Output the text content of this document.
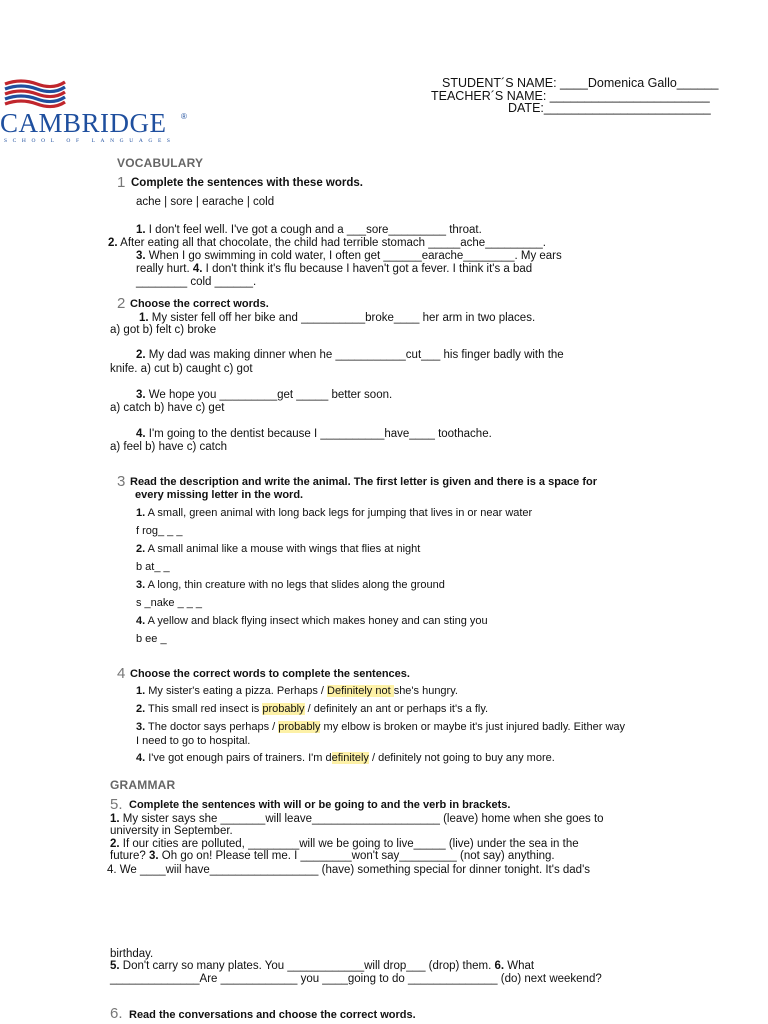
CAMBRIDGE ®
SCHOOL OF LANGUAGES
STUDENT´S NAME: ____Domenica Gallo______
TEACHER´S NAME: _______________________
DATE:________________________
VOCABULARY
1 Complete the sentences with these words.
ache | sore | earache | cold
1. I don't feel well. I've got a cough and a ___sore_________ throat.
2. After eating all that chocolate, the child had terrible stomach _____ache_________.
3. When I go swimming in cold water, I often get ______earache________. My ears
really hurt. 4. I don't think it's flu because I haven't got a fever. I think it's a bad
________ cold ______.
2 Choose the correct words.
1. My sister fell off her bike and __________broke____ her arm in two places.
a) got b) felt c) broke
2. My dad was making dinner when he ___________cut___ his finger badly with the
knife. a) cut b) caught c) got
3. We hope you _________get _____ better soon.
a) catch b) have c) get
4. I'm going to the dentist because I __________have____ toothache.
a) feel b) have c) catch
3 Read the description and write the animal. The first letter is given and there is a space for
every missing letter in the word.
1. A small, green animal with long back legs for jumping that lives in or near water
f rog_ _ _
2. A small animal like a mouse with wings that flies at night
b at_ _
3. A long, thin creature with no legs that slides along the ground
s _nake _ _ _
4. A yellow and black flying insect which makes honey and can sting you
b ee _
4 Choose the correct words to complete the sentences.
1. My sister's eating a pizza. Perhaps / Definitely not she's hungry.
2. This small red insect is probably / definitely an ant or perhaps it's a fly.
3. The doctor says perhaps / probably my elbow is broken or maybe it's just injured badly. Either way
I need to go to hospital.
4. I've got enough pairs of trainers. I'm definitely / definitely not going to buy any more.
GRAMMAR
5. Complete the sentences with will or be going to and the verb in brackets.
1. My sister says she _______will leave____________________ (leave) home when she goes to
university in September.
2. If our cities are polluted, ________will we be going to live_____ (live) under the sea in the
future? 3. Oh go on! Please tell me. I ________won't say_________ (not say) anything.
4. We ____wiil have_________________ (have) something special for dinner tonight. It's dad's
birthday.
5. Don't carry so many plates. You ____________will drop___ (drop) them. 6. What
______________Are ____________ you ____going to do ______________ (do) next weekend?
6. Read the conversations and choose the correct words.
